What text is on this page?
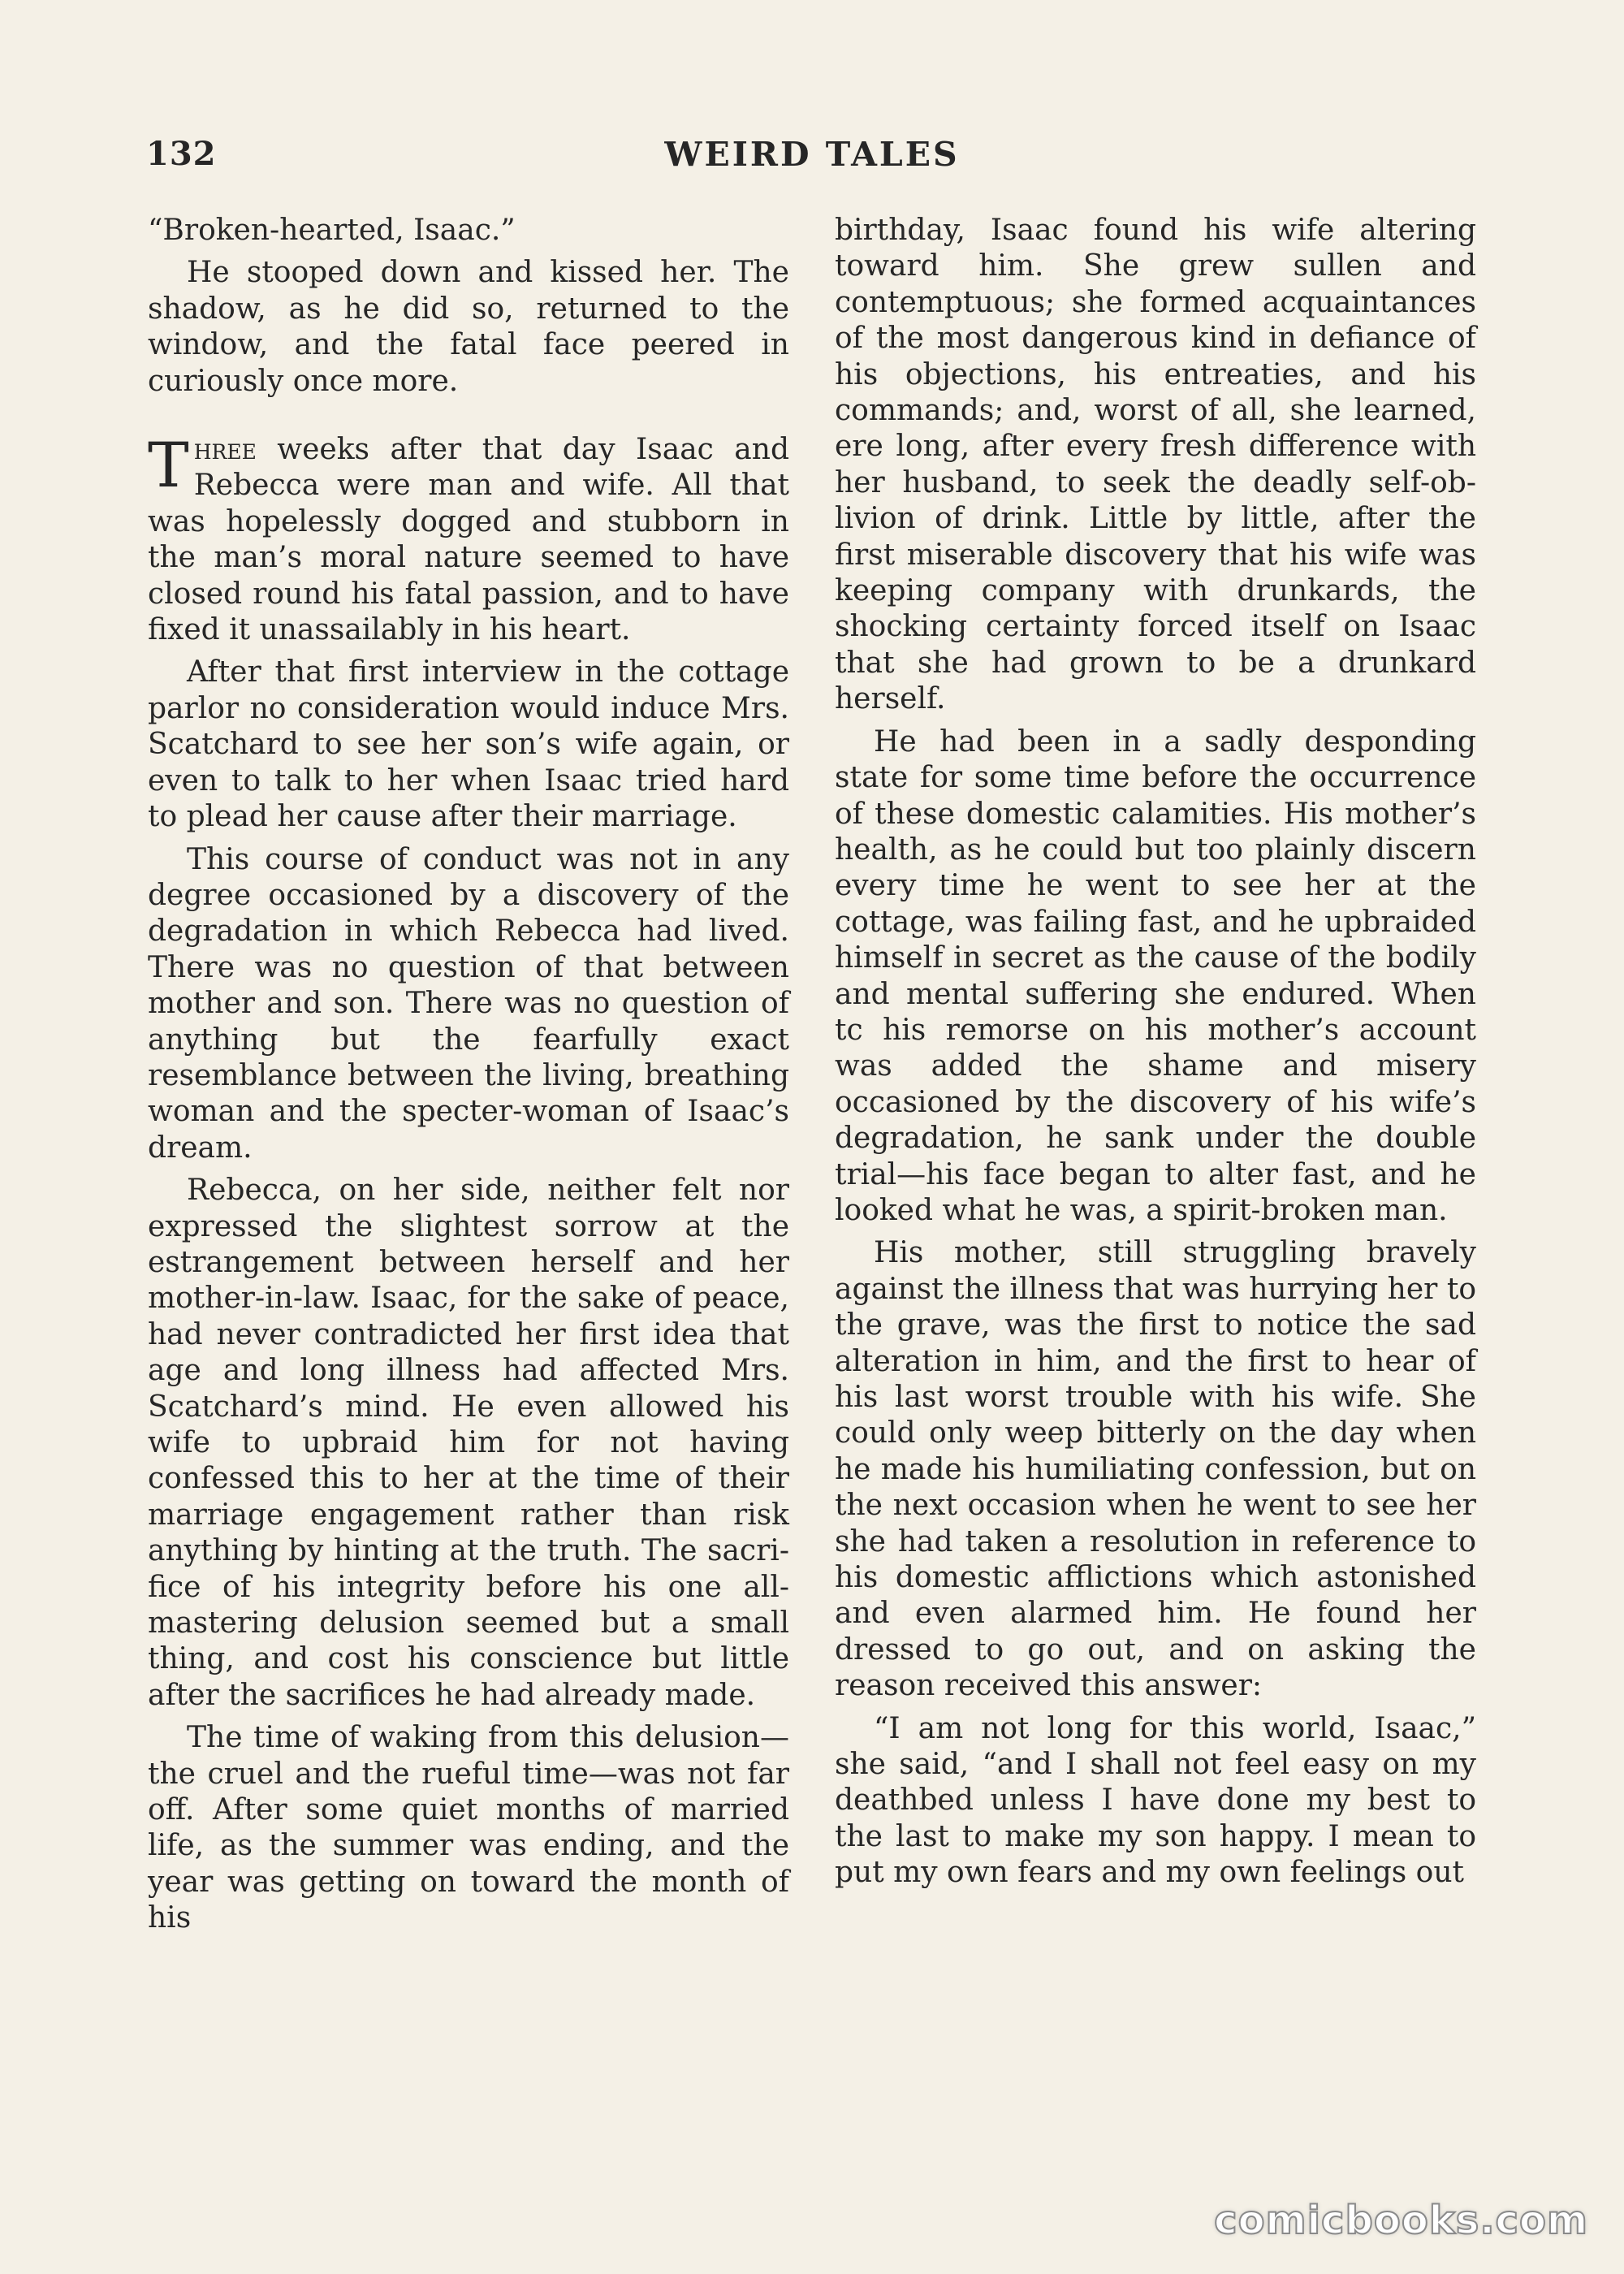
132	WEIRD TALES

“Broken-hearted, Isaac.”

He stooped down and kissed her. The shadow, as he did so, returned to the window, and the fatal face peered in curiously once more.

Three weeks after that day Isaac and Rebecca were man and wife. All that was hopelessly dogged and stubborn in the man’s moral nature seemed to have closed round his fatal passion, and to have fixed it unassailably in his heart.

After that first interview in the cottage parlor no consideration would induce Mrs. Scatchard to see her son’s wife again, or even to talk to her when Isaac tried hard to plead her cause after their marriage.

This course of conduct was not in any degree occasioned by a discovery of the degradation in which Rebecca had lived. There was no question of that between mother and son. There was no question of anything but the fearfully exact resemblance between the living, breathing woman and the specter-woman of Isaac’s dream.

Rebecca, on her side, neither felt nor expressed the slightest sorrow at the estrangement between herself and her mother-in-law. Isaac, for the sake of peace, had never contradicted her first idea that age and long illness had affected Mrs. Scatchard’s mind. He even allowed his wife to upbraid him for not having confessed this to her at the time of their marriage engagement rather than risk anything by hinting at the truth. The sacrifice of his integrity before his one all-mastering delusion seemed but a small thing, and cost his conscience but little after the sacrifices he had already made.

The time of waking from this delusion—the cruel and the rueful time—was not far off. After some quiet months of married life, as the summer was ending, and the year was getting on toward the month of his

birthday, Isaac found his wife altering toward him. She grew sullen and contemptuous; she formed acquaintances of the most dangerous kind in defiance of his objections, his entreaties, and his commands; and, worst of all, she learned, ere long, after every fresh difference with her husband, to seek the deadly self-oblivion of drink. Little by little, after the first miserable discovery that his wife was keeping company with drunkards, the shocking certainty forced itself on Isaac that she had grown to be a drunkard herself.

He had been in a sadly desponding state for some time before the occurrence of these domestic calamities. His mother’s health, as he could but too plainly discern every time he went to see her at the cottage, was failing fast, and he upbraided himself in secret as the cause of the bodily and mental suffering she endured. When tc his remorse on his mother’s account was added the shame and misery occasioned by the discovery of his wife’s degradation, he sank under the double trial—his face began to alter fast, and he looked what he was, a spirit-broken man.

His mother, still struggling bravely against the illness that was hurrying her to the grave, was the first to notice the sad alteration in him, and the first to hear of his last worst trouble with his wife. She could only weep bitterly on the day when he made his humiliating confession, but on the next occasion when he went to see her she had taken a resolution in reference to his domestic afflictions which astonished and even alarmed him. He found her dressed to go out, and on asking the reason received this answer:

“I am not long for this world, Isaac,” she said, “and I shall not feel easy on my deathbed unless I have done my best to the last to make my son happy. I mean to put my own fears and my own feelings out

comicbooks.com
